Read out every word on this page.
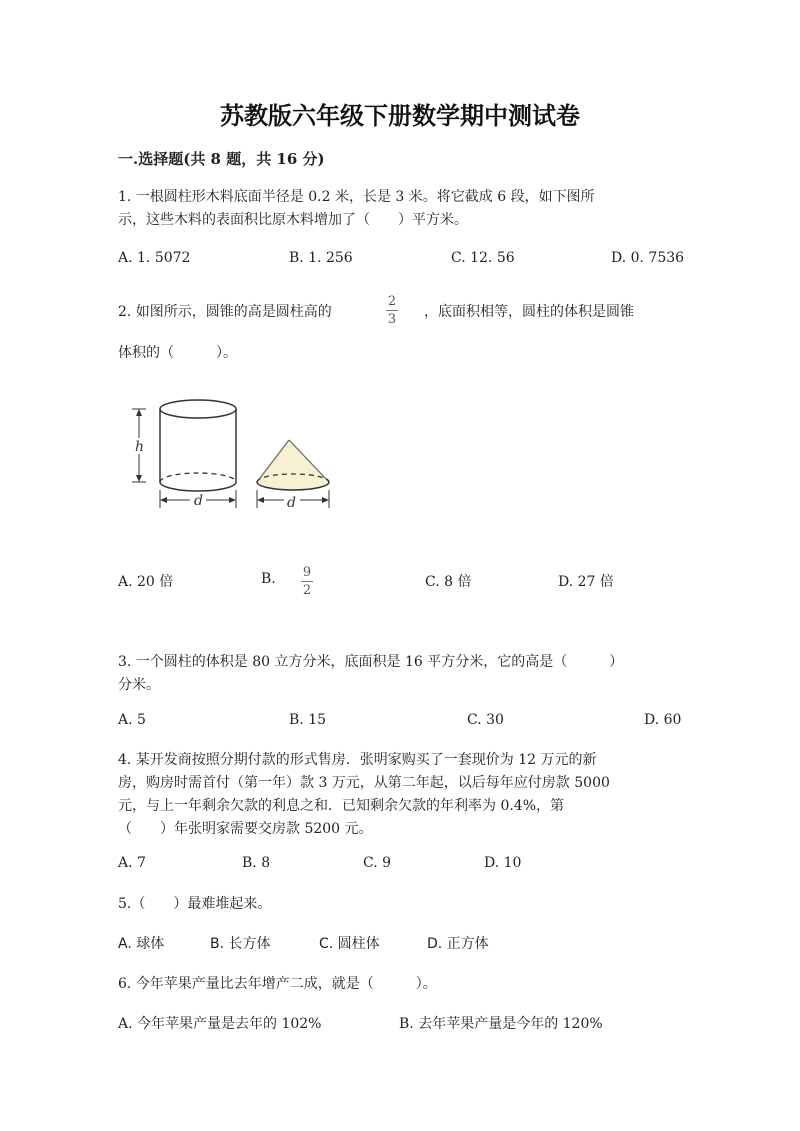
苏教版六年级下册数学期中测试卷
一.选择题(共 8 题，共 16 分)
1. 一根圆柱形木料底面半径是 0.2 米，长是 3 米。将它截成 6 段，如下图所
示，这些木料的表面积比原木料增加了（　　）平方米。
A. 1. 5072	B. 1. 256	C. 12. 56	D. 0. 7536
2. 如图所示，圆锥的高是圆柱高的
2
3 ，底面积相等，圆柱的体积是圆锥
体积的（　　　）。
h
d	d
A. 20 倍	B. 9
2
C. 8 倍	D. 27 倍
3. 一个圆柱的体积是 80 立方分米，底面积是 16 平方分米，它的高是（　　　）
分米。
A. 5	B. 15	C. 30	D. 60
4. 某开发商按照分期付款的形式售房．张明家购买了一套现价为 12 万元的新
房，购房时需首付（第一年）款 3 万元，从第二年起，以后每年应付房款 5000
元，与上一年剩余欠款的利息之和．已知剩余欠款的年利率为 0.4%，第
（　　）年张明家需要交房款 5200 元。
A. 7	B. 8	C. 9	D. 10
5.（　　）最难堆起来。
A. 球体	B. 长方体	C. 圆柱体	D. 正方体
6. 今年苹果产量比去年增产二成，就是（　　　）。
A. 今年苹果产量是去年的 102%	B. 去年苹果产量是今年的 120%
